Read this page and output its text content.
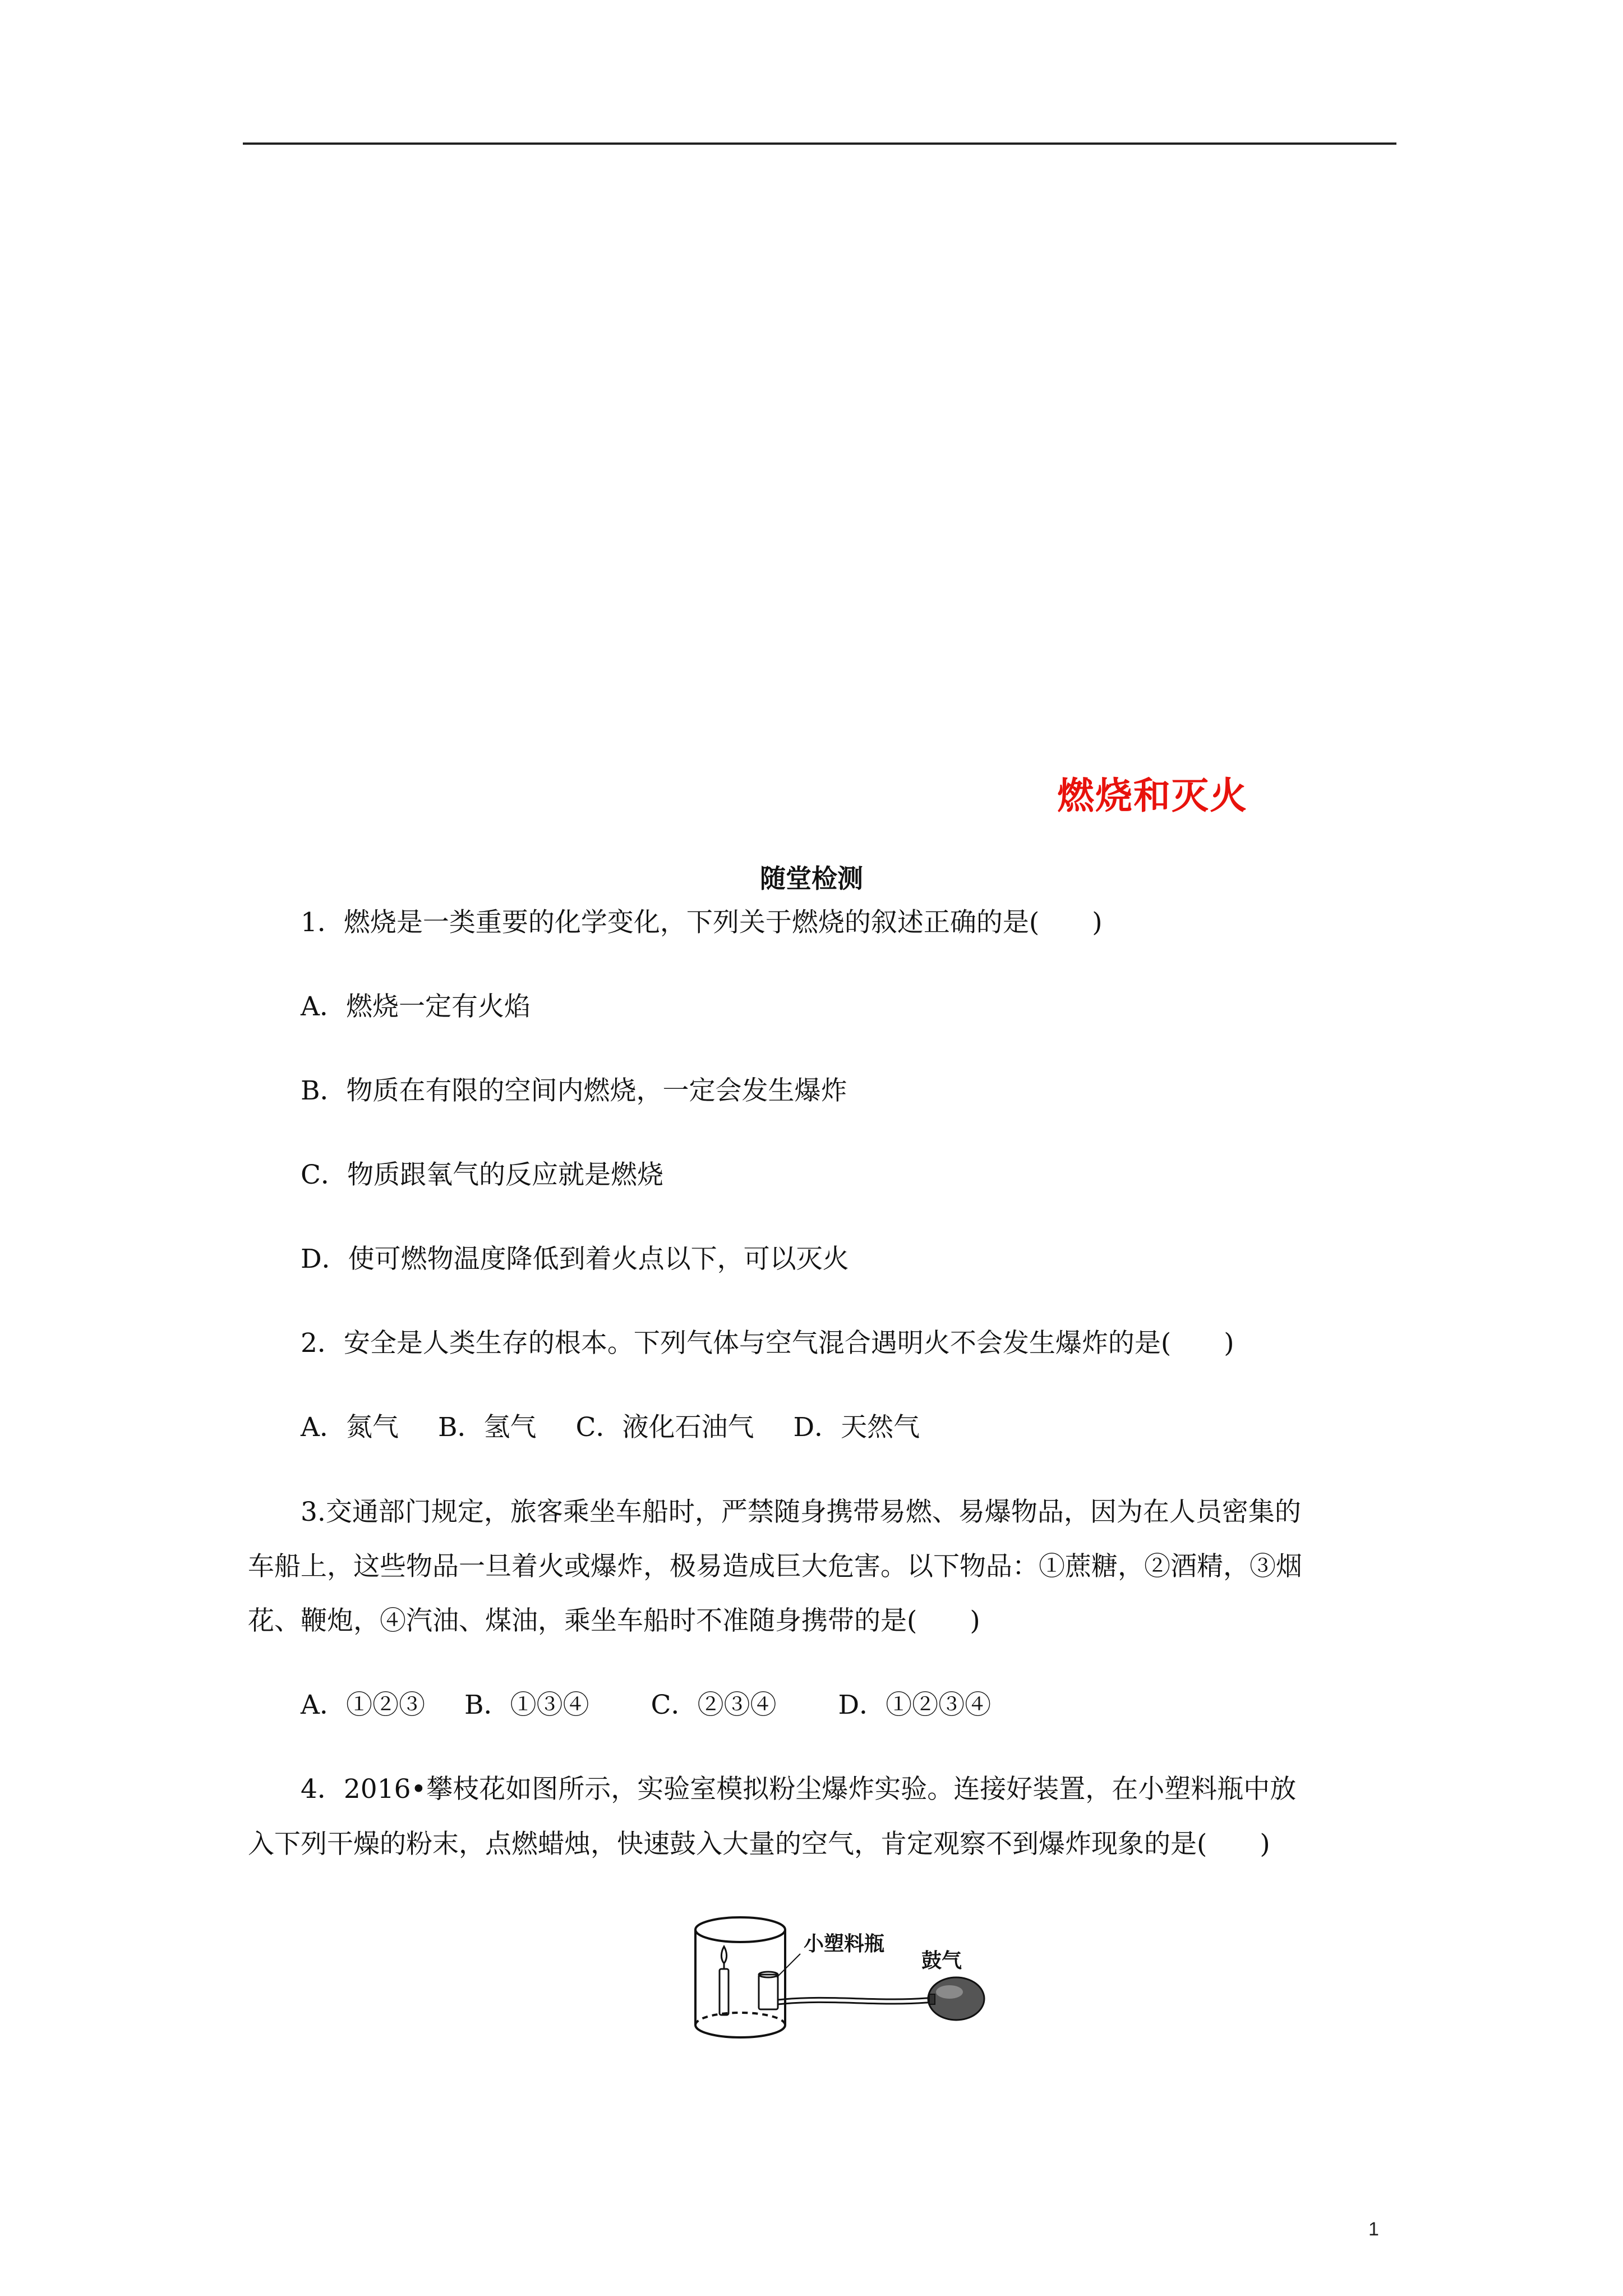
燃烧和灭火
随堂检测
1．燃烧是一类重要的化学变化，下列关于燃烧的叙述正确的是(　　)
A．燃烧一定有火焰
B．物质在有限的空间内燃烧，一定会发生爆炸
C．物质跟氧气的反应就是燃烧
D．使可燃物温度降低到着火点以下，可以灭火
2．安全是人类生存的根本。下列气体与空气混合遇明火不会发生爆炸的是(　　)
A．氮气 B．氢气 C．液化石油气 D．天然气
3.交通部门规定，旅客乘坐车船时，严禁随身携带易燃、易爆物品，因为在人员密集的
车船上，这些物品一旦着火或爆炸，极易造成巨大危害。以下物品：①蔗糖，②酒精，③烟
花、鞭炮，④汽油、煤油，乘坐车船时不准随身携带的是(　　)
A．①②③ B．①③④ C．②③④ D．①②③④
4．2016•攀枝花如图所示，实验室模拟粉尘爆炸实验。连接好装置，在小塑料瓶中放
入下列干燥的粉末，点燃蜡烛，快速鼓入大量的空气，肯定观察不到爆炸现象的是(　　)
小塑料瓶
鼓气
1
